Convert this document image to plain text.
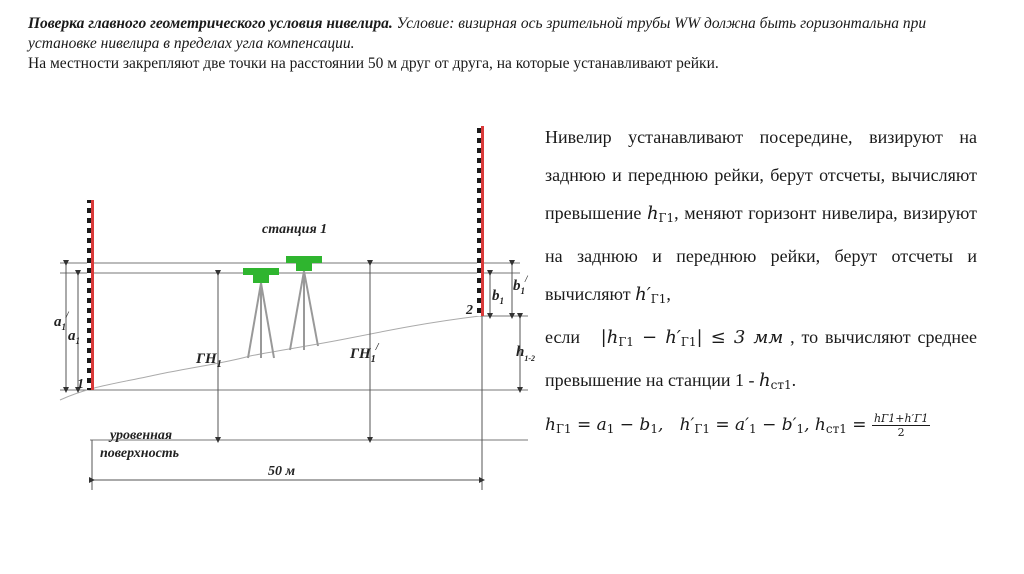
Поверка главного геометрического условия нивелира. Условие: визирная ось зрительной трубы WW должна быть горизонтальна при установке нивелира в пределах угла компенсации.

На местности закрепляют две точки на расстоянии 50 м друг от друга, на которые устанавливают рейки.

станция 1
$ГН_1$
$ГН_1^/$
$a_1^/$
$a_1$
$b_1$
$b_1^/$
$h_{1-2}$
1
2
уровенная
поверхность
50 м

Нивелир устанавливают посередине, визируют на заднюю и переднюю рейки, берут отсчеты, вычисляют превышение $h_{Г1}$, меняют горизонт нивелира, визируют на заднюю и переднюю рейки, берут отсчеты и вычисляют $h'_{Г1}$,

если $|h_{Г1} - h'_{Г1}| \le 3$ мм , то вычисляют среднее превышение на станции $1 - h_{ст1}$.

$h_{Г1} = a_1 - b_1$, $h'_{Г1} = a'_1 - b'_1$, $h_{ст1} = \frac{hГ1+h'Г1}{2}$
